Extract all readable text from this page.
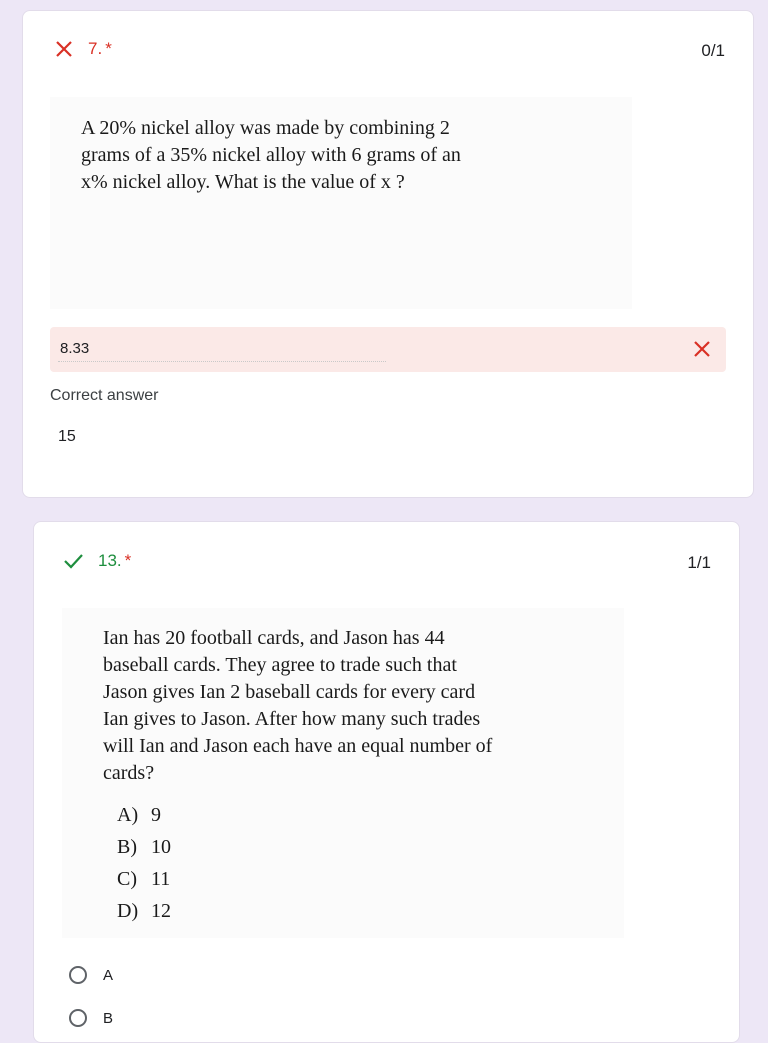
7. *	0/1

A 20% nickel alloy was made by combining 2

grams of a 35% nickel alloy with 6 grams of an

x% nickel alloy. What is the value of x ?

8.33
Correct answer
15
13. *	1/1

Ian has 20 football cards, and Jason has 44

baseball cards. They agree to trade such that

Jason gives Ian 2 baseball cards for every card

Ian gives to Jason. After how many such trades

will Ian and Jason each have an equal number of

cards?

A) 9
B) 10
C) 11
D) 12
A
B
